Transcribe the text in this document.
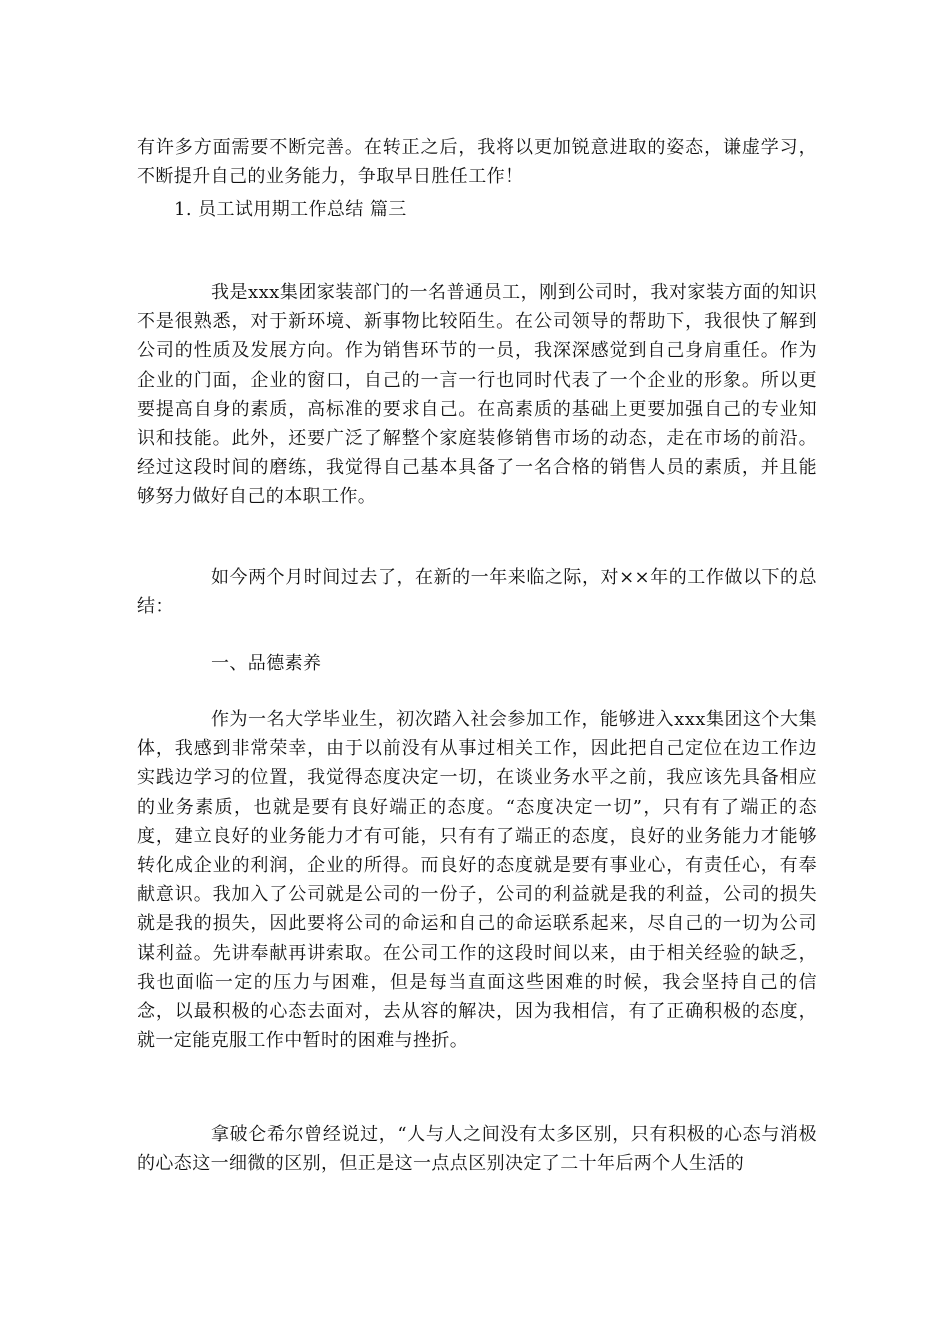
有许多方面需要不断完善。在转正之后，我将以更加锐意进取的姿态，谦虚学习，不断提升自己的业务能力，争取早日胜任工作！

1. 员工试用期工作总结 篇三

我是xxx集团家装部门的一名普通员工，刚到公司时，我对家装方面的知识不是很熟悉，对于新环境、新事物比较陌生。在公司领导的帮助下，我很快了解到公司的性质及发展方向。作为销售环节的一员，我深深感觉到自己身肩重任。作为企业的门面，企业的窗口，自己的一言一行也同时代表了一个企业的形象。所以更要提高自身的素质，高标准的要求自己。在高素质的基础上更要加强自己的专业知识和技能。此外，还要广泛了解整个家庭装修销售市场的动态，走在市场的前沿。经过这段时间的磨练，我觉得自己基本具备了一名合格的销售人员的素质，并且能够努力做好自己的本职工作。

如今两个月时间过去了，在新的一年来临之际，对××年的工作做以下的总结：

一、品德素养

作为一名大学毕业生，初次踏入社会参加工作，能够进入xxx集团这个大集体，我感到非常荣幸，由于以前没有从事过相关工作，因此把自己定位在边工作边实践边学习的位置，我觉得态度决定一切，在谈业务水平之前，我应该先具备相应的业务素质，也就是要有良好端正的态度。“态度决定一切”，只有有了端正的态度，建立良好的业务能力才有可能，只有有了端正的态度，良好的业务能力才能够转化成企业的利润，企业的所得。而良好的态度就是要有事业心，有责任心，有奉献意识。我加入了公司就是公司的一份子，公司的利益就是我的利益，公司的损失就是我的损失，因此要将公司的命运和自己的命运联系起来，尽自己的一切为公司谋利益。先讲奉献再讲索取。在公司工作的这段时间以来，由于相关经验的缺乏，我也面临一定的压力与困难，但是每当直面这些困难的时候，我会坚持自己的信念，以最积极的心态去面对，去从容的解决，因为我相信，有了正确积极的态度，就一定能克服工作中暂时的困难与挫折。

拿破仑希尔曾经说过，“人与人之间没有太多区别，只有积极的心态与消极的心态这一细微的区别，但正是这一点点区别决定了二十年后两个人生活的
